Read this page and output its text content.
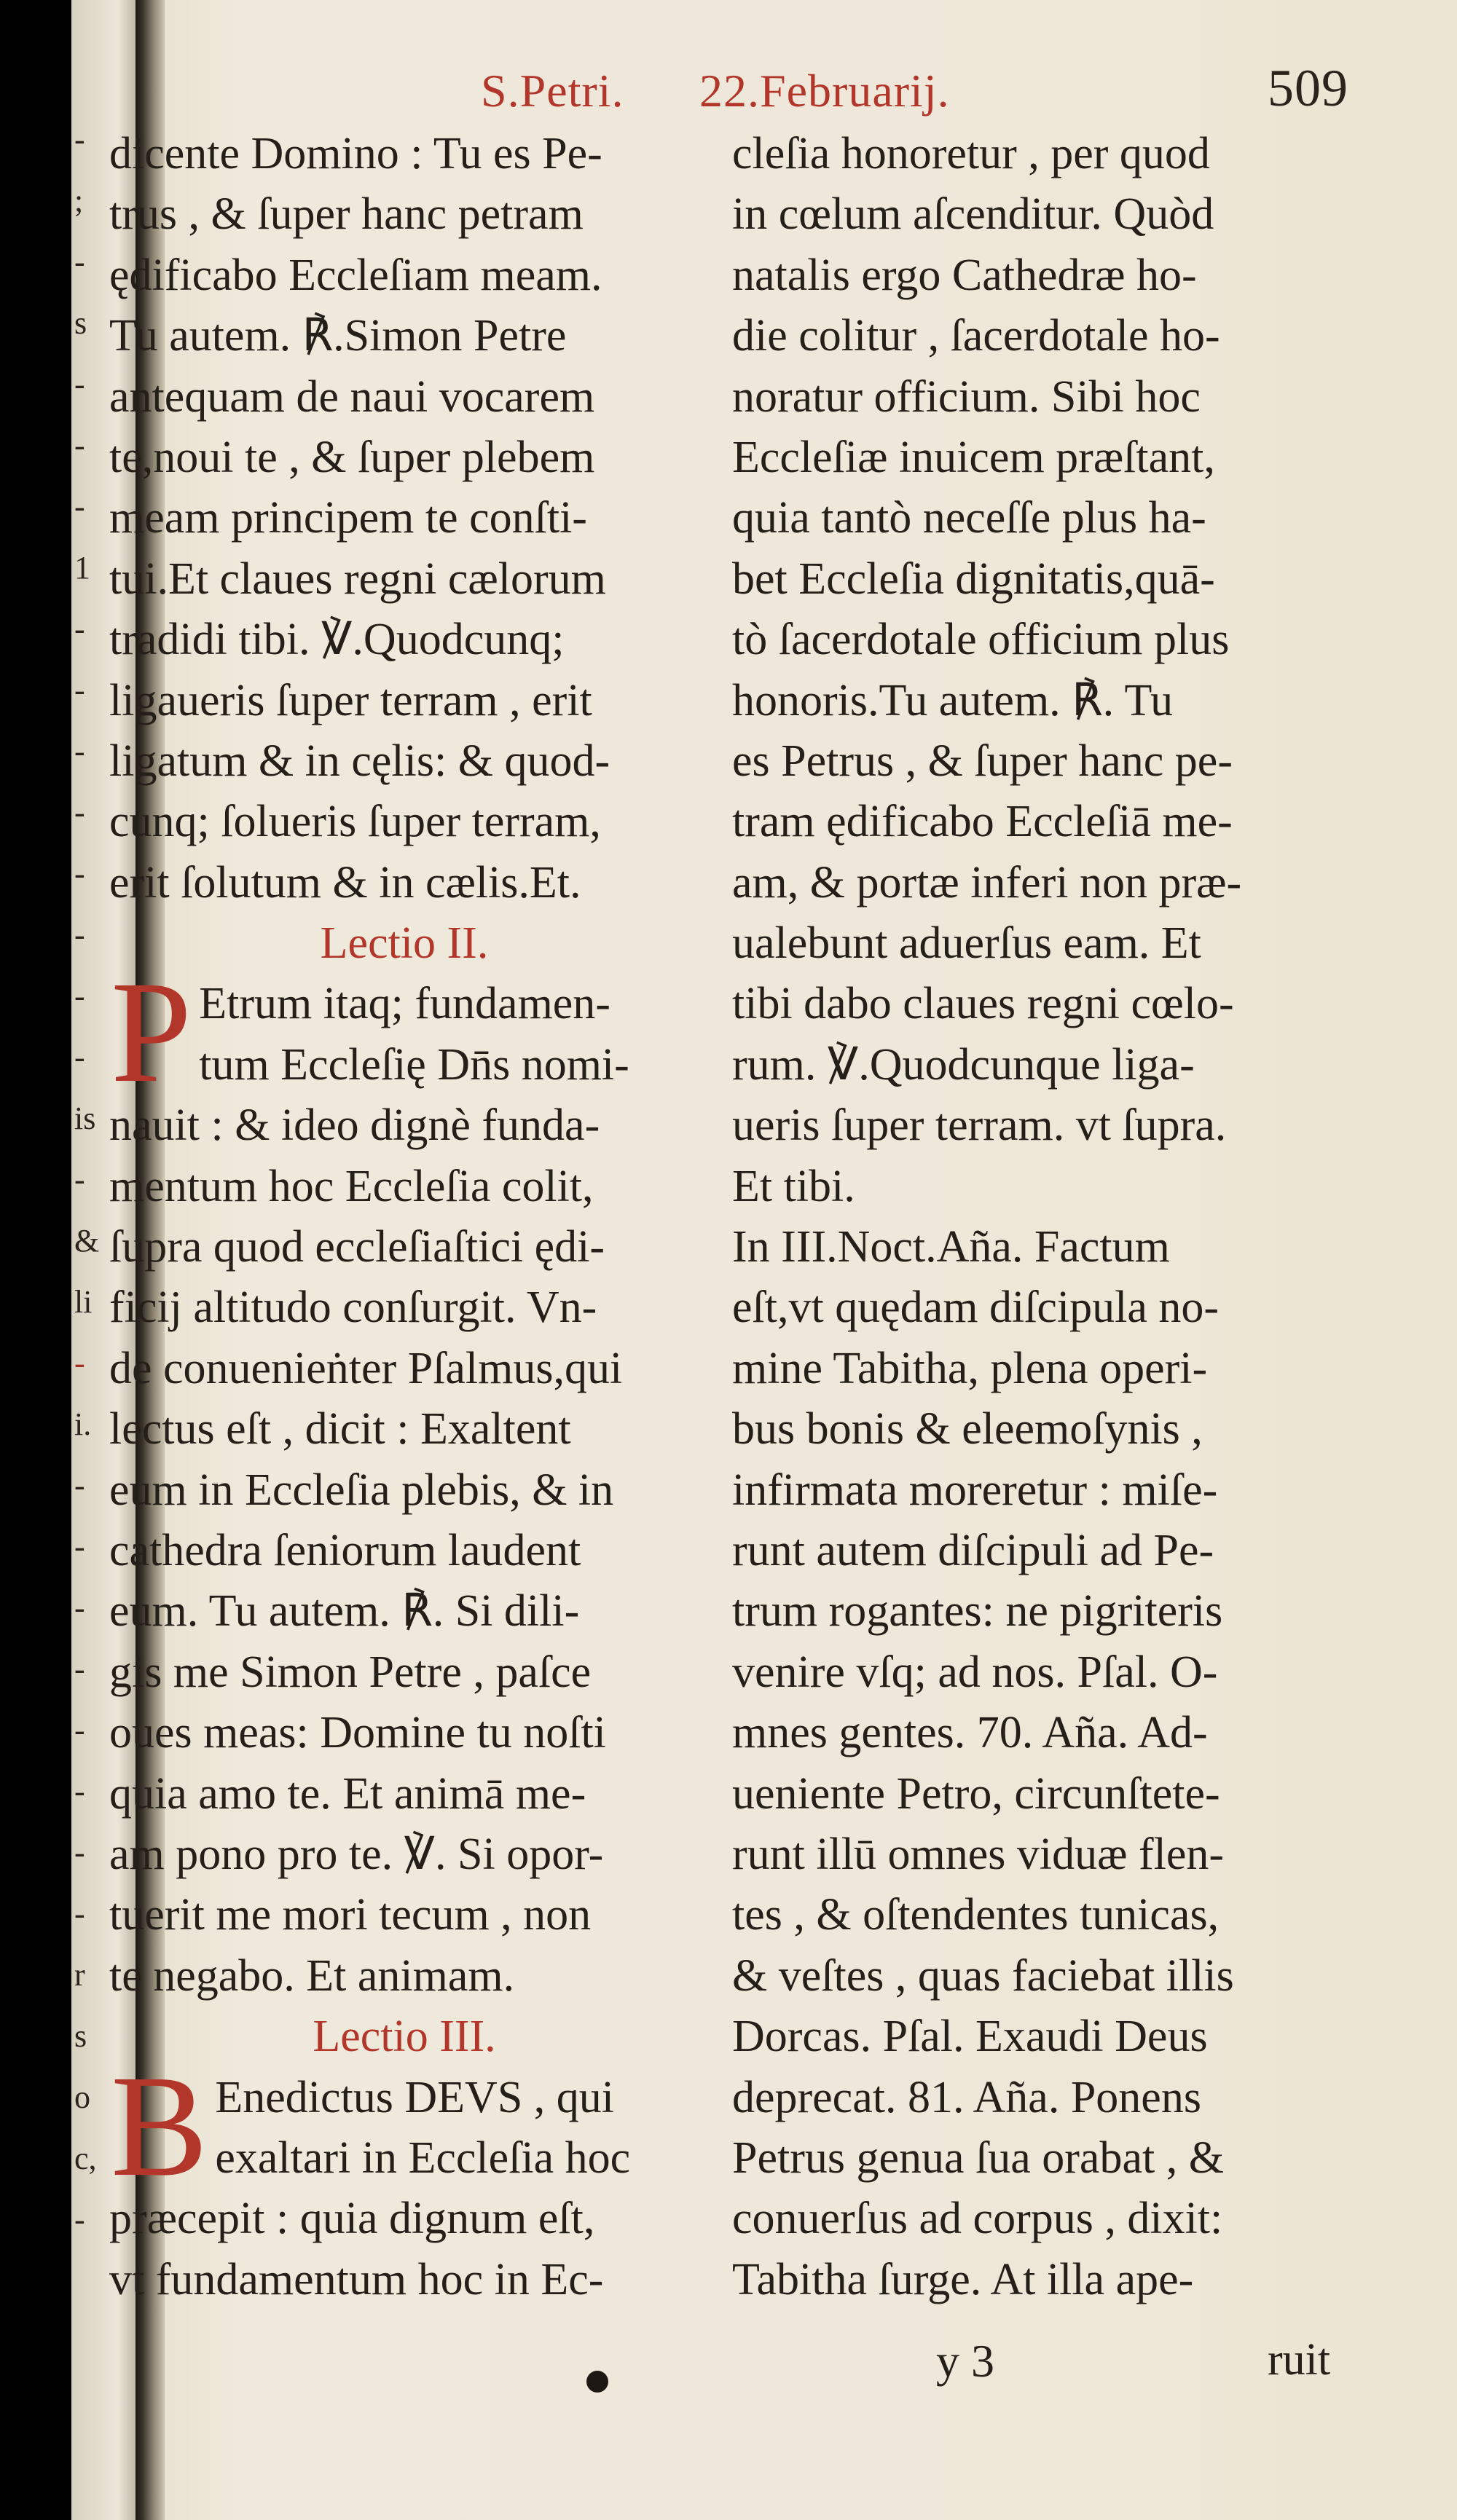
-
;
-
s
-
-
-
1
-
-
-
-
-
-
-
-
is
-
&
li
-
i.
-
-
-
-
-
-
-
-
r
s
o
c,
-
S.Petri. 22.Februarij.	509
dicente Domino : Tu es Pe-
trus , & ſuper hanc petram
ędificabo Eccleſiam meam.
Tu autem. ℟.Simon Petre
antequam de naui vocarem
te,noui te , & ſuper plebem
meam principem te conſti-
tui.Et claues regni cælorum
tradidi tibi. ℣.Quodcunq;
ligaueris ſuper terram , erit
ligatum & in cęlis: & quod-
cunq; ſolueris ſuper terram,
erit ſolutum & in cælis.Et.
Lectio II.
P Etrum itaq; fundamen-
tum Eccleſię Dn̄s nomi-
nauit : & ideo dignè funda-
mentum hoc Eccleſia colit,
ſupra quod eccleſiaſtici ędi-
ficij altitudo conſurgit. Vn-
de conuenieṅter Pſalmus,qui
lectus eſt , dicit : Exaltent
eum in Eccleſia plebis, & in
cathedra ſeniorum laudent
eum. Tu autem. ℟. Si dili-
gis me Simon Petre , paſce
oues meas: Domine tu noſti
quia amo te. Et animā me-
am pono pro te. ℣. Si opor-
tuerit me mori tecum , non
te negabo. Et animam.
Lectio III.
B Enedictus DEVS , qui
exaltari in Eccleſia hoc
præcepit : quia dignum eſt,
vt fundamentum hoc in Ec-
cleſia honoretur , per quod
in cœlum aſcenditur. Quòd
natalis ergo Cathedræ ho-
die colitur , ſacerdotale ho-
noratur officium. Sibi hoc
Eccleſiæ inuicem præſtant,
quia tantò neceſſe plus ha-
bet Eccleſia dignitatis,quā-
tò ſacerdotale officium plus
honoris.Tu autem. ℟. Tu
es Petrus , & ſuper hanc pe-
tram ędificabo Eccleſiā me-
am, & portæ inferi non præ-
ualebunt aduerſus eam. Et
tibi dabo claues regni cœlo-
rum. ℣.Quodcunque liga-
ueris ſuper terram. vt ſupra.
Et tibi.
In III.Noct.Aña. Factum
eſt,vt quędam diſcipula no-
mine Tabitha, plena operi-
bus bonis & eleemoſynis ,
infirmata moreretur : miſe-
runt autem diſcipuli ad Pe-
trum rogantes: ne pigriteris
venire vſq; ad nos. Pſal. O-
mnes gentes. 70. Aña. Ad-
ueniente Petro, circunſtete-
runt illū omnes viduæ flen-
tes , & oſtendentes tunicas,
& veſtes , quas faciebat illis
Dorcas. Pſal. Exaudi Deus
deprecat. 81. Aña. Ponens
Petrus genua ſua orabat , &
conuerſus ad corpus , dixit:
Tabitha ſurge. At illa ape-
y 3	ruit
